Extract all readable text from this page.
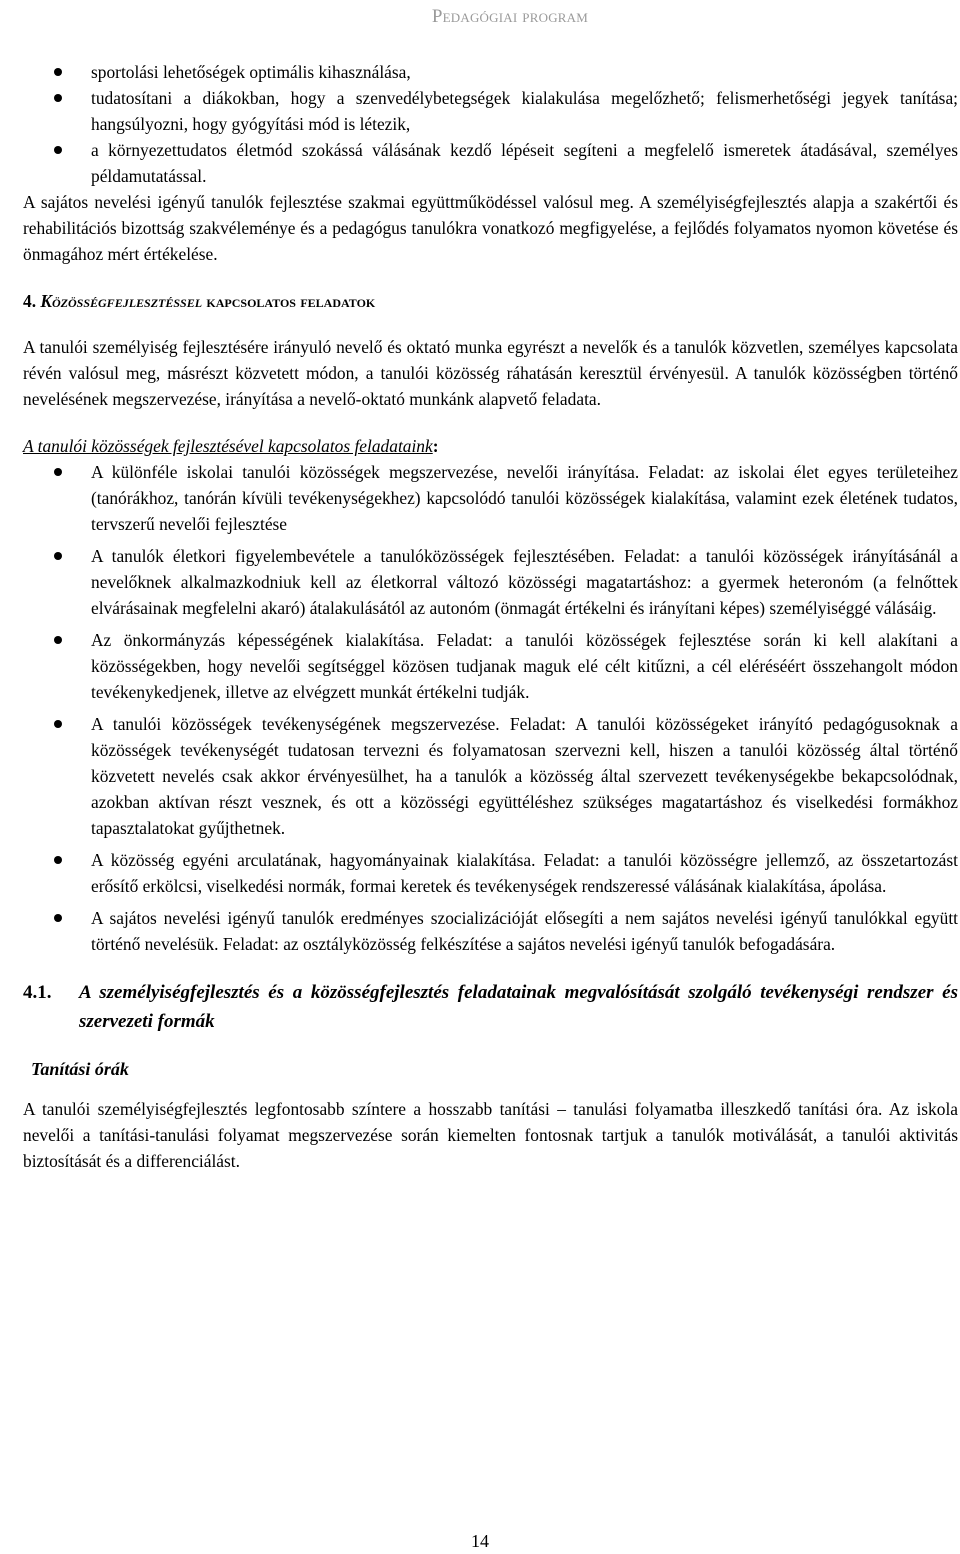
Pedagógiai program
sportolási lehetőségek optimális kihasználása,
tudatosítani a diákokban, hogy a szenvedélybetegségek kialakulása megelőzhető; felismerhetőségi jegyek tanítása; hangsúlyozni, hogy gyógyítási mód is létezik,
a környezettudatos életmód szokássá válásának kezdő lépéseit segíteni a megfelelő ismeretek átadásával, személyes példamutatással.

A sajátos nevelési igényű tanulók fejlesztése szakmai együttműködéssel valósul meg. A személyiségfejlesztés alapja a szakértői és rehabilitációs bizottság szakvéleménye és a pedagógus tanulókra vonatkozó megfigyelése, a fejlődés folyamatos nyomon követése és önmagához mért értékelése.

4. Közösségfejlesztéssel kapcsolatos feladatok

A tanulói személyiség fejlesztésére irányuló nevelő és oktató munka egyrészt a nevelők és a tanulók közvetlen, személyes kapcsolata révén valósul meg, másrészt közvetett módon, a tanulói közösség ráhatásán keresztül érvényesül. A tanulók közösségben történő nevelésének megszervezése, irányítása a nevelő-oktató munkánk alapvető feladata.

A tanulói közösségek fejlesztésével kapcsolatos feladataink:
A különféle iskolai tanulói közösségek megszervezése, nevelői irányítása. Feladat: az iskolai élet egyes területeihez (tanórákhoz, tanórán kívüli tevékenységekhez) kapcsolódó tanulói közösségek kialakítása, valamint ezek életének tudatos, tervszerű nevelői fejlesztése
A tanulók életkori figyelembevétele a tanulóközösségek fejlesztésében. Feladat: a tanulói közösségek irányításánál a nevelőknek alkalmazkodniuk kell az életkorral változó közösségi magatartáshoz: a gyermek heteronóm (a felnőttek elvárásainak megfelelni akaró) átalakulásától az autonóm (önmagát értékelni és irányítani képes) személyiséggé válásáig.
Az önkormányzás képességének kialakítása. Feladat: a tanulói közösségek fejlesztése során ki kell alakítani a közösségekben, hogy nevelői segítséggel közösen tudjanak maguk elé célt kitűzni, a cél eléréséért összehangolt módon tevékenykedjenek, illetve az elvégzett munkát értékelni tudják.
A tanulói közösségek tevékenységének megszervezése. Feladat: A tanulói közösségeket irányító pedagógusoknak a közösségek tevékenységét tudatosan tervezni és folyamatosan szervezni kell, hiszen a tanulói közösség által történő közvetett nevelés csak akkor érvényesülhet, ha a tanulók a közösség által szervezett tevékenységekbe bekapcsolódnak, azokban aktívan részt vesznek, és ott a közösségi együttéléshez szükséges magatartáshoz és viselkedési formákhoz tapasztalatokat gyűjthetnek.
A közösség egyéni arculatának, hagyományainak kialakítása. Feladat: a tanulói közösségre jellemző, az összetartozást erősítő erkölcsi, viselkedési normák, formai keretek és tevékenységek rendszeressé válásának kialakítása, ápolása.
A sajátos nevelési igényű tanulók eredményes szocializációját elősegíti a nem sajátos nevelési igényű tanulókkal együtt történő nevelésük. Feladat: az osztályközösség felkészítése a sajátos nevelési igényű tanulók befogadására.
4.1.	A személyiségfejlesztés és a közösségfejlesztés feladatainak megvalósítását szolgáló tevékenységi rendszer és szervezeti formák
Tanítási órák

A tanulói személyiségfejlesztés legfontosabb színtere a hosszabb tanítási – tanulási folyamatba illeszkedő tanítási óra. Az iskola nevelői a tanítási-tanulási folyamat megszervezése során kiemelten fontosnak tartjuk a tanulók motiválását, a tanulói aktivitás biztosítását és a differenciálást.

14
